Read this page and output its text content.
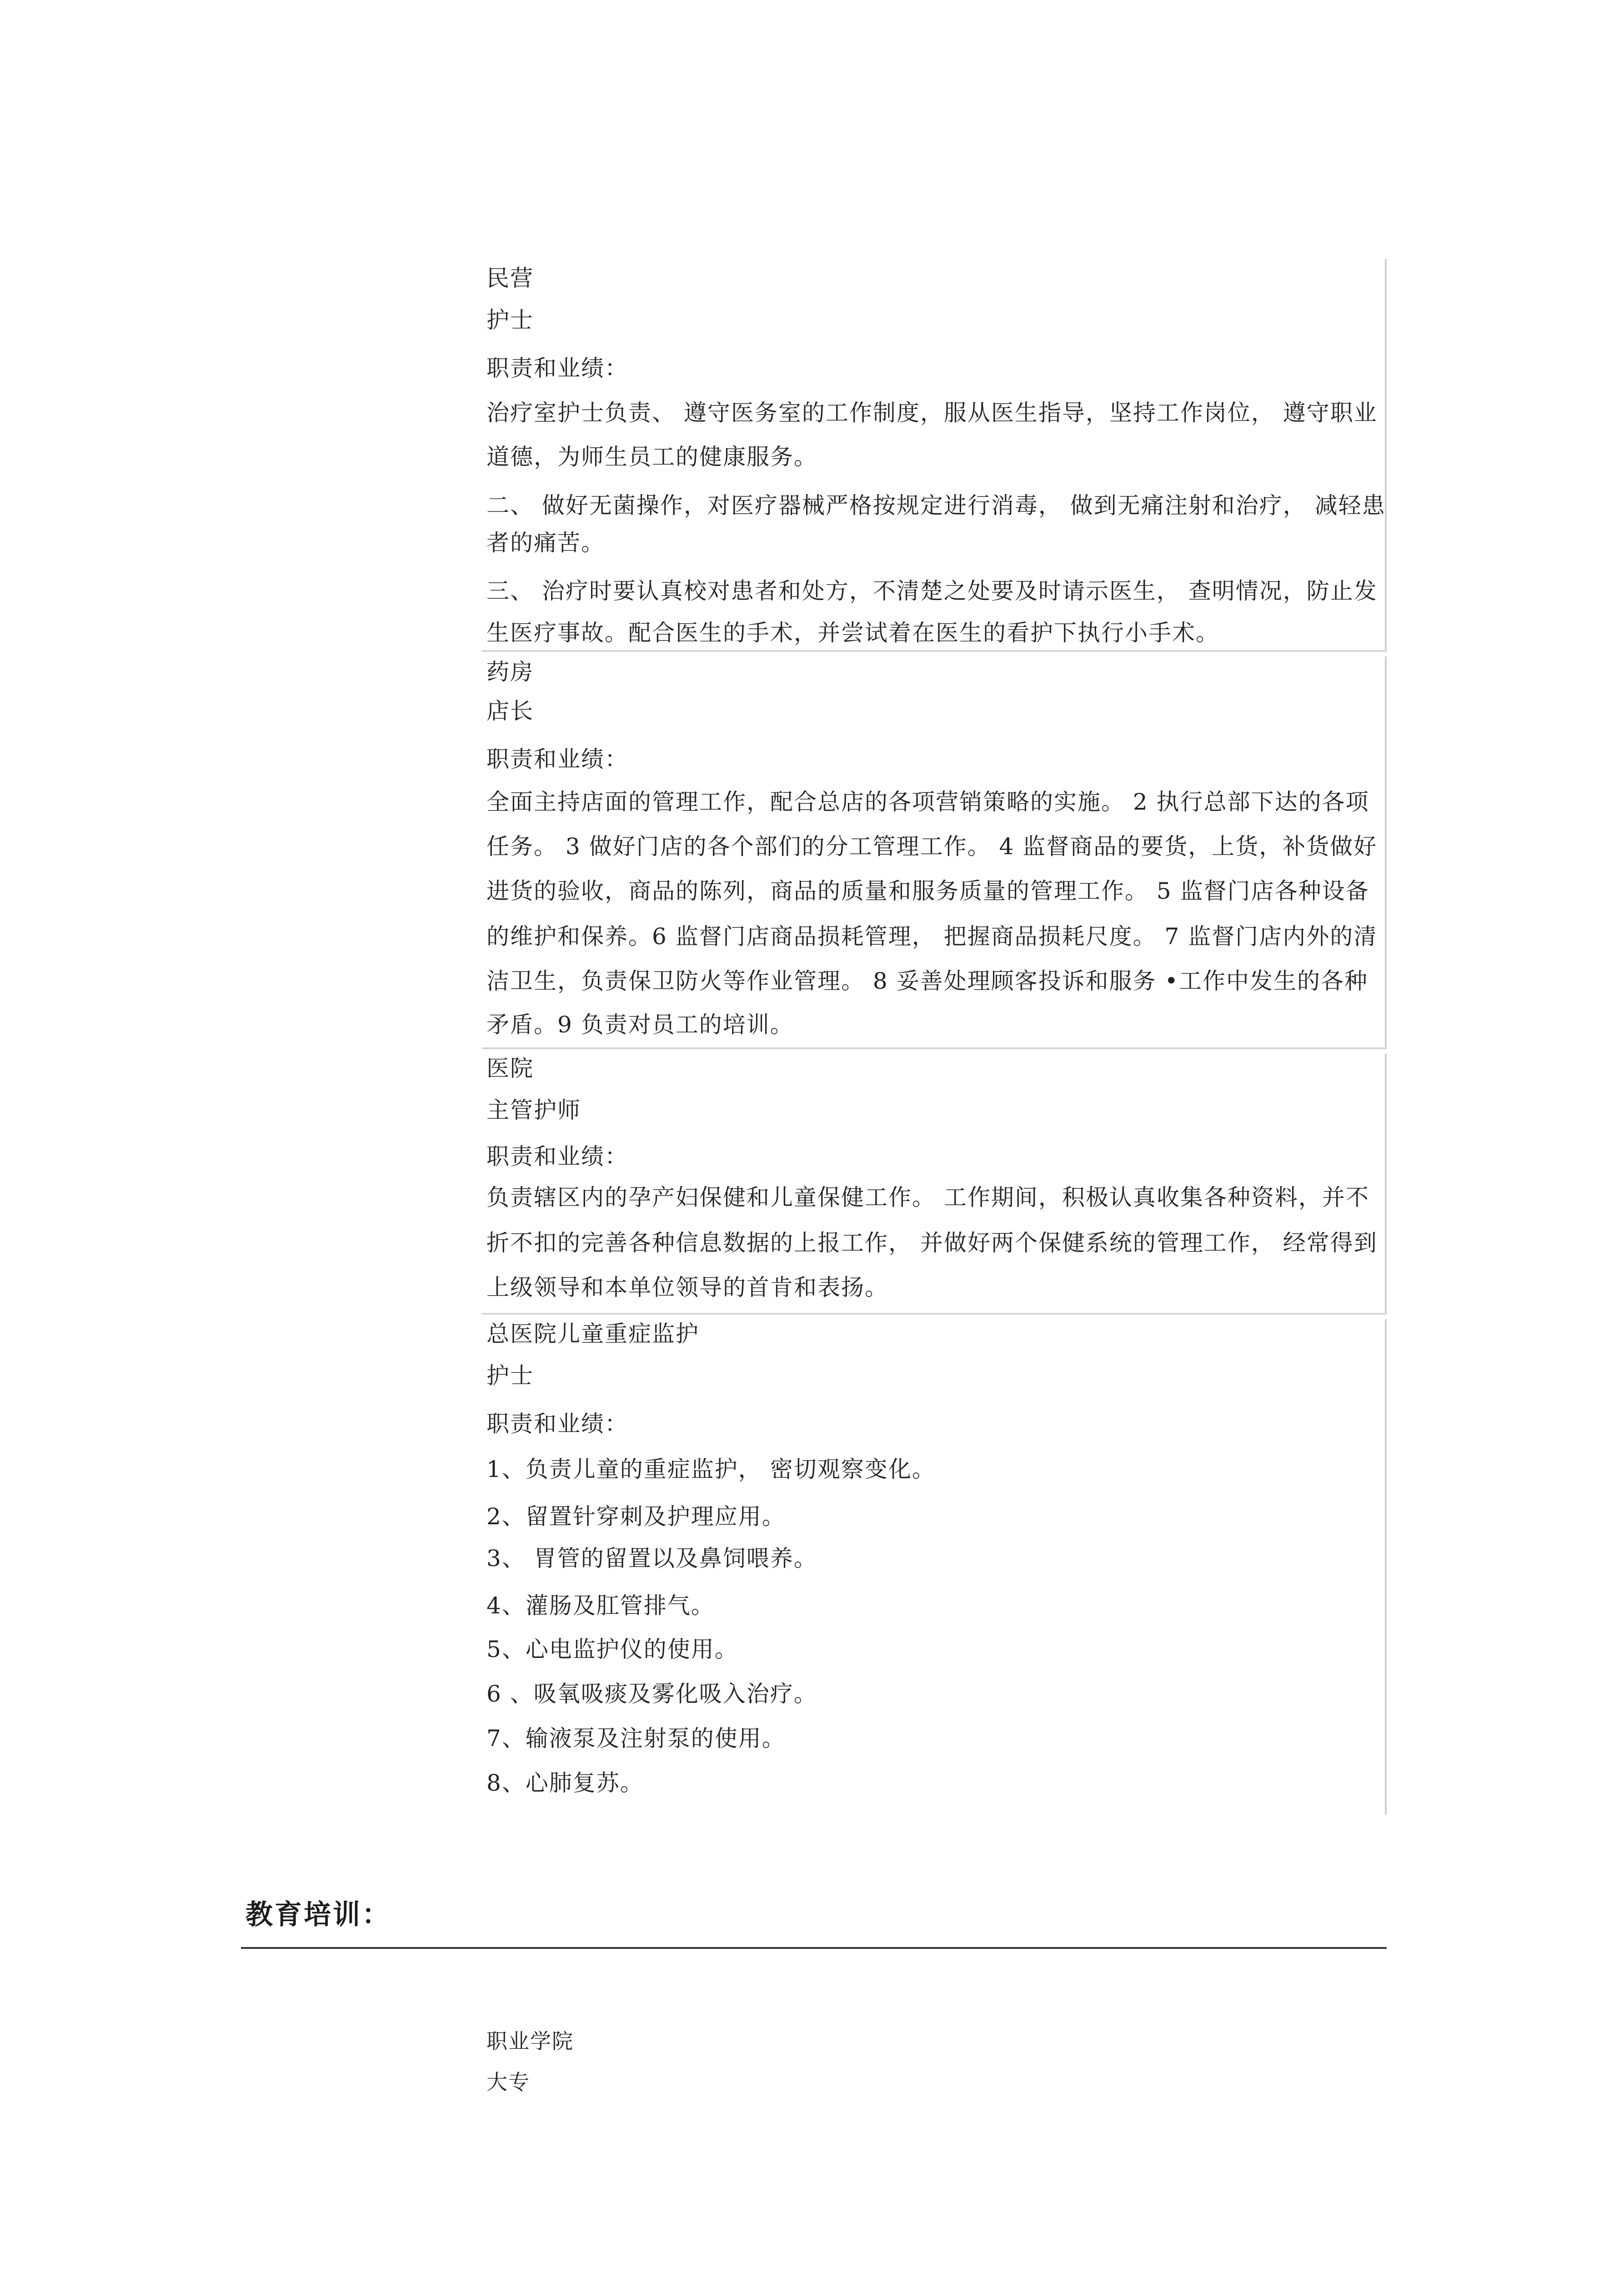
民营

护士

职责和业绩：

治疗室护士负责、 遵守医务室的工作制度，服从医生指导，坚持工作岗位， 遵守职业

道德，为师生员工的健康服务。

二、 做好无菌操作，对医疗器械严格按规定进行消毒， 做到无痛注射和治疗， 减轻患

者的痛苦。

三、 治疗时要认真校对患者和处方，不清楚之处要及时请示医生， 查明情况，防止发

生医疗事故。配合医生的手术，并尝试着在医生的看护下执行小手术。

药房

店长

职责和业绩：

全面主持店面的管理工作，配合总店的各项营销策略的实施。 2 执行总部下达的各项

任务。 3 做好门店的各个部们的分工管理工作。 4 监督商品的要货，上货，补货做好

进货的验收，商品的陈列，商品的质量和服务质量的管理工作。 5 监督门店各种设备

的维护和保养。6 监督门店商品损耗管理， 把握商品损耗尺度。 7 监督门店内外的清

洁卫生，负责保卫防火等作业管理。 8 妥善处理顾客投诉和服务 •工作中发生的各种

矛盾。9 负责对员工的培训。

医院

主管护师

职责和业绩：

负责辖区内的孕产妇保健和儿童保健工作。 工作期间，积极认真收集各种资料，并不

折不扣的完善各种信息数据的上报工作， 并做好两个保健系统的管理工作， 经常得到

上级领导和本单位领导的首肯和表扬。

总医院儿童重症监护

护士

职责和业绩：

1、负责儿童的重症监护， 密切观察变化。

2、留置针穿刺及护理应用。

3、 胃管的留置以及鼻饲喂养。

4、灌肠及肛管排气。

5、心电监护仪的使用。

6 、吸氧吸痰及雾化吸入治疗。

7、输液泵及注射泵的使用。

8、心肺复苏。

教育培训：

职业学院

大专
